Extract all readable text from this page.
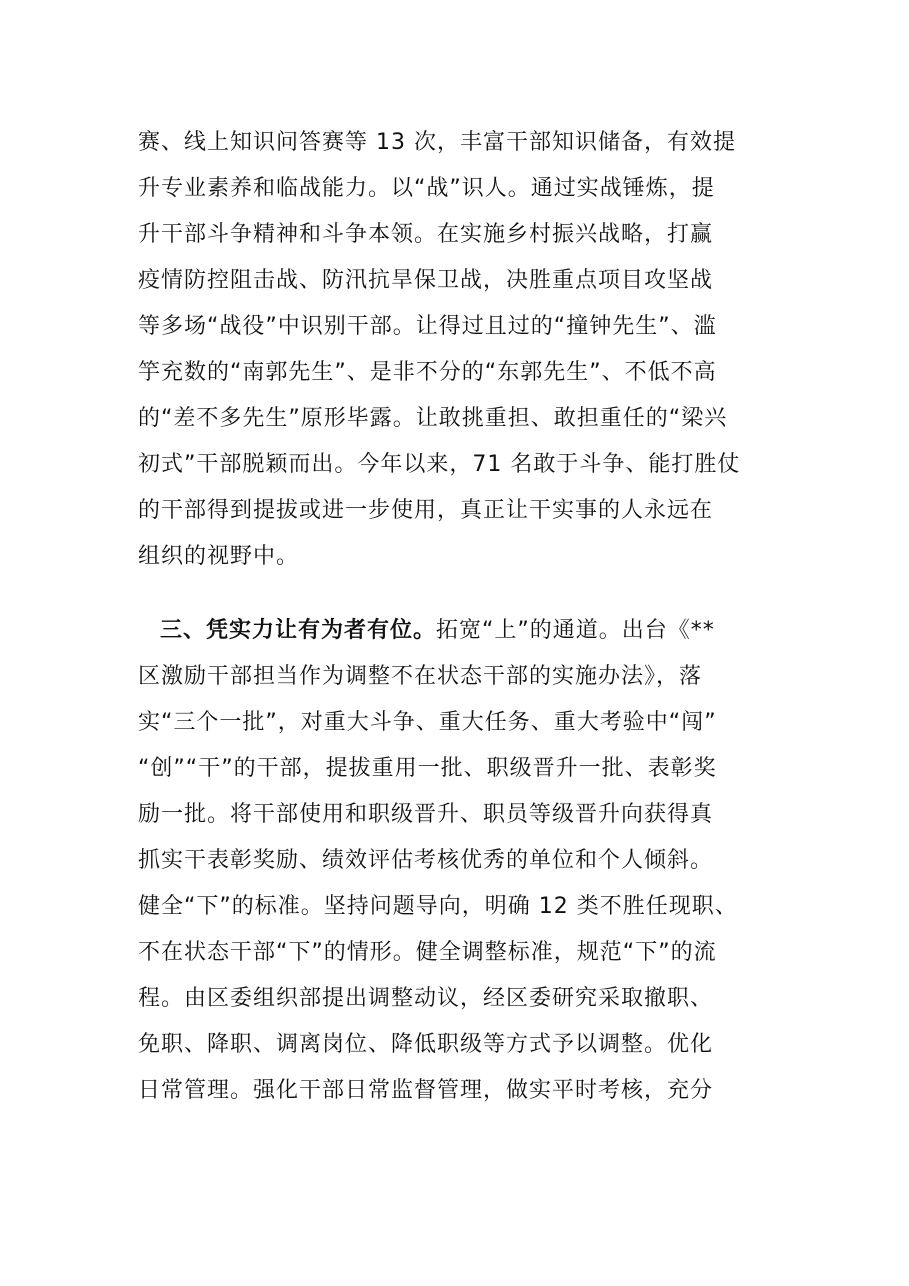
赛、线上知识问答赛等 13 次，丰富干部知识储备，有效提
升专业素养和临战能力。以“战”识人。通过实战锤炼，提
升干部斗争精神和斗争本领。在实施乡村振兴战略，打赢
疫情防控阻击战、防汛抗旱保卫战，决胜重点项目攻坚战
等多场“战役”中识别干部。让得过且过的“撞钟先生”、滥
竽充数的“南郭先生”、是非不分的“东郭先生”、不低不高
的“差不多先生”原形毕露。让敢挑重担、敢担重任的“梁兴
初式”干部脱颖而出。今年以来，71 名敢于斗争、能打胜仗
的干部得到提拔或进一步使用，真正让干实事的人永远在
组织的视野中。
三、凭实力让有为者有位。拓宽“上”的通道。出台《**
区激励干部担当作为调整不在状态干部的实施办法》，落
实“三个一批”，对重大斗争、重大任务、重大考验中“闯”
“创”“干”的干部，提拔重用一批、职级晋升一批、表彰奖
励一批。将干部使用和职级晋升、职员等级晋升向获得真
抓实干表彰奖励、绩效评估考核优秀的单位和个人倾斜。
健全“下”的标准。坚持问题导向，明确 12 类不胜任现职、
不在状态干部“下”的情形。健全调整标准，规范“下”的流
程。由区委组织部提出调整动议，经区委研究采取撤职、
免职、降职、调离岗位、降低职级等方式予以调整。优化
日常管理。强化干部日常监督管理，做实平时考核，充分
